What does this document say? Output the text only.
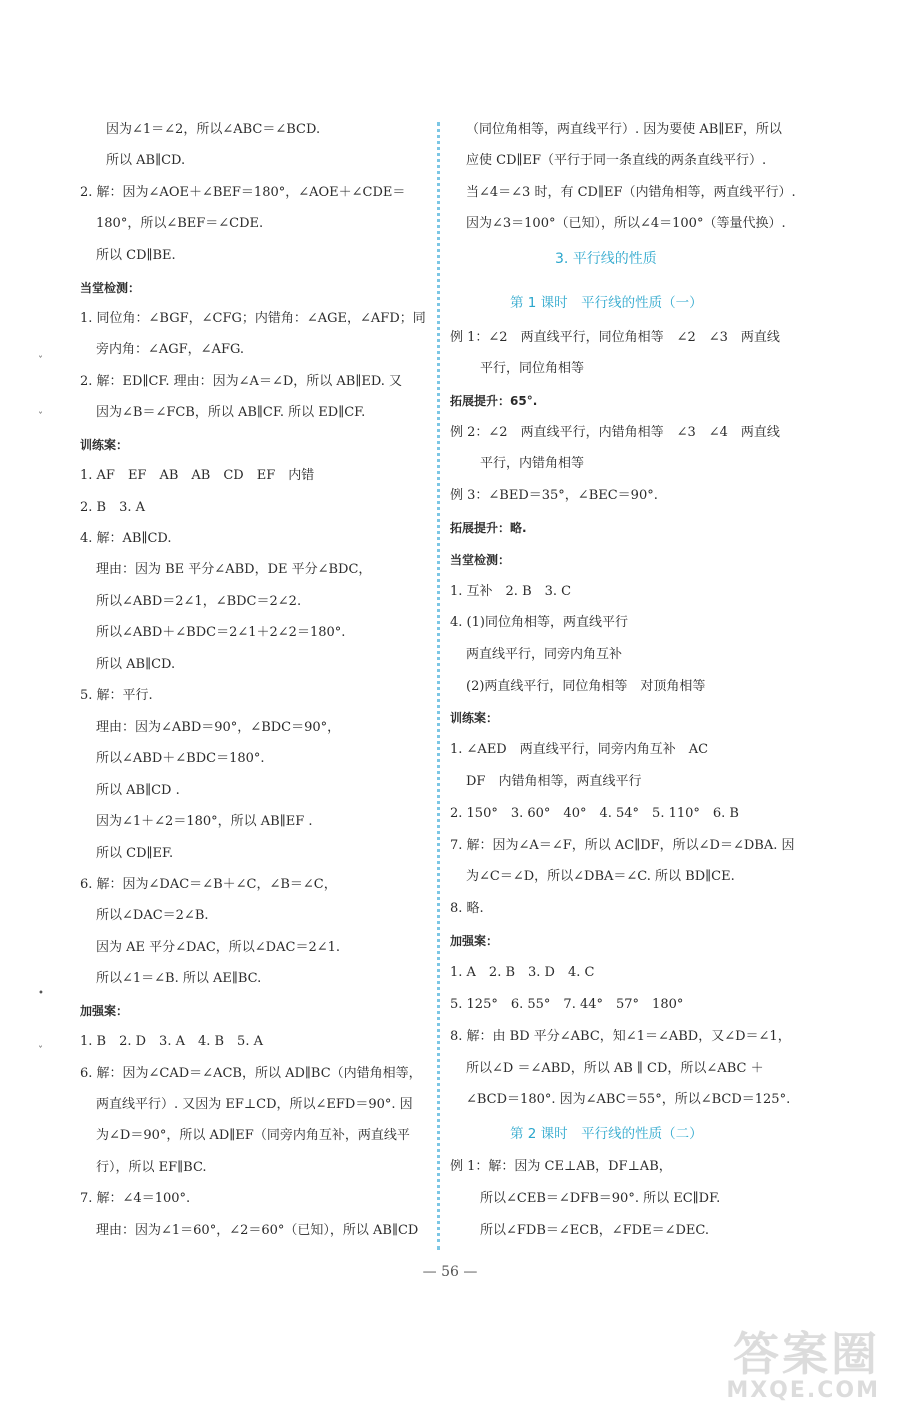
因为∠1＝∠2，所以∠ABC＝∠BCD.
所以 AB∥CD.
2. 解：因为∠AOE＋∠BEF＝180°，∠AOE＋∠CDE＝
180°，所以∠BEF＝∠CDE.
所以 CD∥BE.
当堂检测：
1. 同位角：∠BGF，∠CFG；内错角：∠AGE，∠AFD；同
旁内角：∠AGF，∠AFG.
2. 解：ED∥CF. 理由：因为∠A＝∠D，所以 AB∥ED. 又
因为∠B＝∠FCB，所以 AB∥CF. 所以 ED∥CF.
训练案：
1. AF　EF　AB　AB　CD　EF　内错
2. B　3. A
4. 解：AB∥CD.
理由：因为 BE 平分∠ABD，DE 平分∠BDC，
所以∠ABD＝2∠1，∠BDC＝2∠2.
所以∠ABD＋∠BDC＝2∠1＋2∠2＝180°.
所以 AB∥CD.
5. 解：平行.
理由：因为∠ABD＝90°，∠BDC＝90°，
所以∠ABD＋∠BDC＝180°.
所以 AB∥CD .
因为∠1＋∠2＝180°，所以 AB∥EF .
所以 CD∥EF.
6. 解：因为∠DAC＝∠B＋∠C，∠B＝∠C，
所以∠DAC＝2∠B.
因为 AE 平分∠DAC，所以∠DAC＝2∠1.
所以∠1＝∠B. 所以 AE∥BC.
加强案：
1. B　2. D　3. A　4. B　5. A
6. 解：因为∠CAD＝∠ACB，所以 AD∥BC（内错角相等，
两直线平行）. 又因为 EF⊥CD，所以∠EFD＝90°. 因
为∠D＝90°，所以 AD∥EF（同旁内角互补，两直线平
行），所以 EF∥BC.
7. 解：∠4＝100°.
理由：因为∠1＝60°，∠2＝60°（已知），所以 AB∥CD
（同位角相等，两直线平行）. 因为要使 AB∥EF，所以
应使 CD∥EF（平行于同一条直线的两条直线平行）.
当∠4＝∠3 时，有 CD∥EF（内错角相等，两直线平行）.
因为∠3＝100°（已知），所以∠4＝100°（等量代换）.
3. 平行线的性质
第 1 课时　平行线的性质（一）
例 1：∠2　两直线平行，同位角相等　∠2　∠3　两直线
平行，同位角相等
拓展提升：65°.
例 2：∠2　两直线平行，内错角相等　∠3　∠4　两直线
平行，内错角相等
例 3：∠BED＝35°，∠BEC＝90°.
拓展提升：略.
当堂检测：
1. 互补　2. B　3. C
4. (1)同位角相等，两直线平行
两直线平行，同旁内角互补
(2)两直线平行，同位角相等　对顶角相等
训练案：
1. ∠AED　两直线平行，同旁内角互补　AC
DF　内错角相等，两直线平行
2. 150°　3. 60°　40°　4. 54°　5. 110°　6. B
7. 解：因为∠A＝∠F，所以 AC∥DF，所以∠D＝∠DBA. 因
为∠C＝∠D，所以∠DBA＝∠C. 所以 BD∥CE.
8. 略.
加强案：
1. A　2. B　3. D　4. C
5. 125°　6. 55°　7. 44°　57°　180°
8. 解：由 BD 平分∠ABC，知∠1＝∠ABD，又∠D＝∠1，
所以∠D ＝∠ABD，所以 AB ∥ CD，所以∠ABC ＋
∠BCD＝180°. 因为∠ABC＝55°，所以∠BCD＝125°.
第 2 课时　平行线的性质（二）
例 1：解：因为 CE⊥AB，DF⊥AB，
所以∠CEB＝∠DFB＝90°. 所以 EC∥DF.
所以∠FDB＝∠ECB，∠FDE＝∠DEC.
ˇ
ˇ
•
ˇ
— 56 —
答案圈
MXQE.COM
